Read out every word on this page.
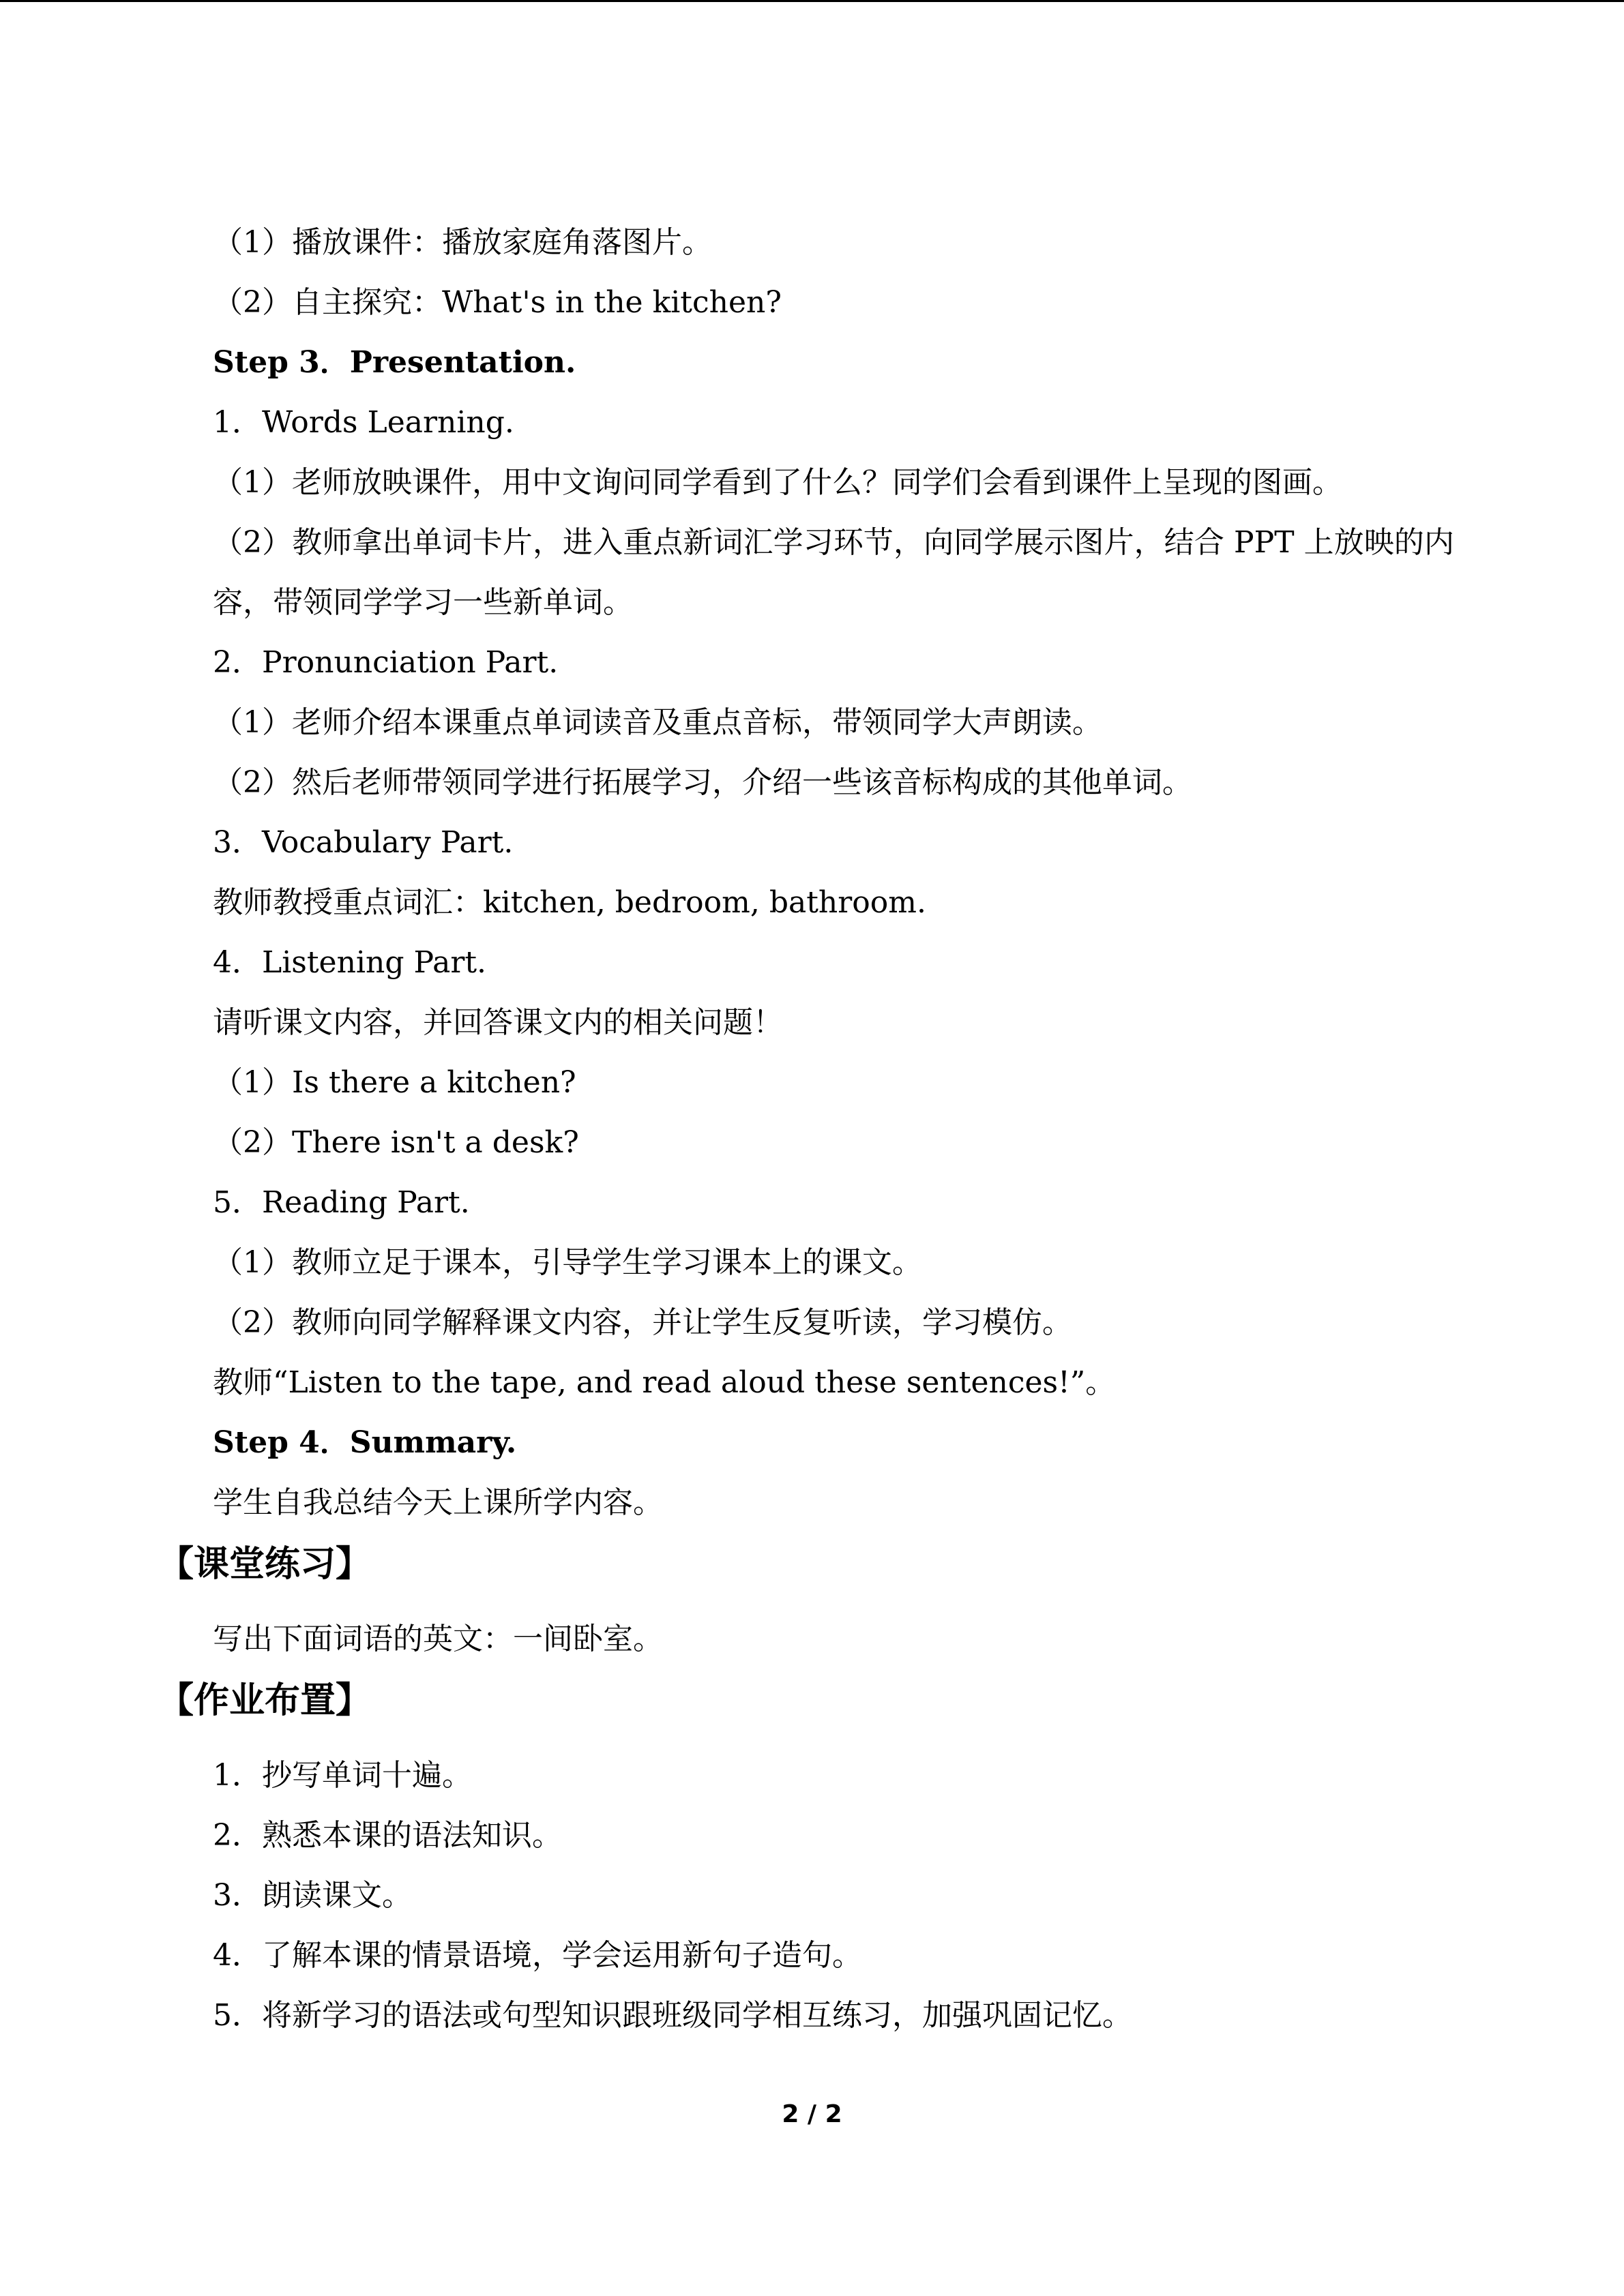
（1）播放课件：播放家庭角落图片。
（2）自主探究：What's in the kitchen?
Step 3．Presentation.
1．Words Learning.
（1）老师放映课件，用中文询问同学看到了什么？同学们会看到课件上呈现的图画。
（2）教师拿出单词卡片，进入重点新词汇学习环节，向同学展示图片，结合 PPT 上放映的内容，带领同学学习一些新单词。
2．Pronunciation Part.
（1）老师介绍本课重点单词读音及重点音标，带领同学大声朗读。
（2）然后老师带领同学进行拓展学习，介绍一些该音标构成的其他单词。
3．Vocabulary Part.
教师教授重点词汇：kitchen, bedroom, bathroom.
4．Listening Part.
请听课文内容，并回答课文内的相关问题！
（1）Is there a kitchen?
（2）There isn't a desk?
5．Reading Part.
（1）教师立足于课本，引导学生学习课本上的课文。
（2）教师向同学解释课文内容，并让学生反复听读，学习模仿。
教师“Listen to the tape, and read aloud these sentences!”。
Step 4．Summary.
学生自我总结今天上课所学内容。
【课堂练习】
写出下面词语的英文：一间卧室。
【作业布置】
1．抄写单词十遍。
2．熟悉本课的语法知识。
3．朗读课文。
4．了解本课的情景语境，学会运用新句子造句。
5．将新学习的语法或句型知识跟班级同学相互练习，加强巩固记忆。
2 / 2
